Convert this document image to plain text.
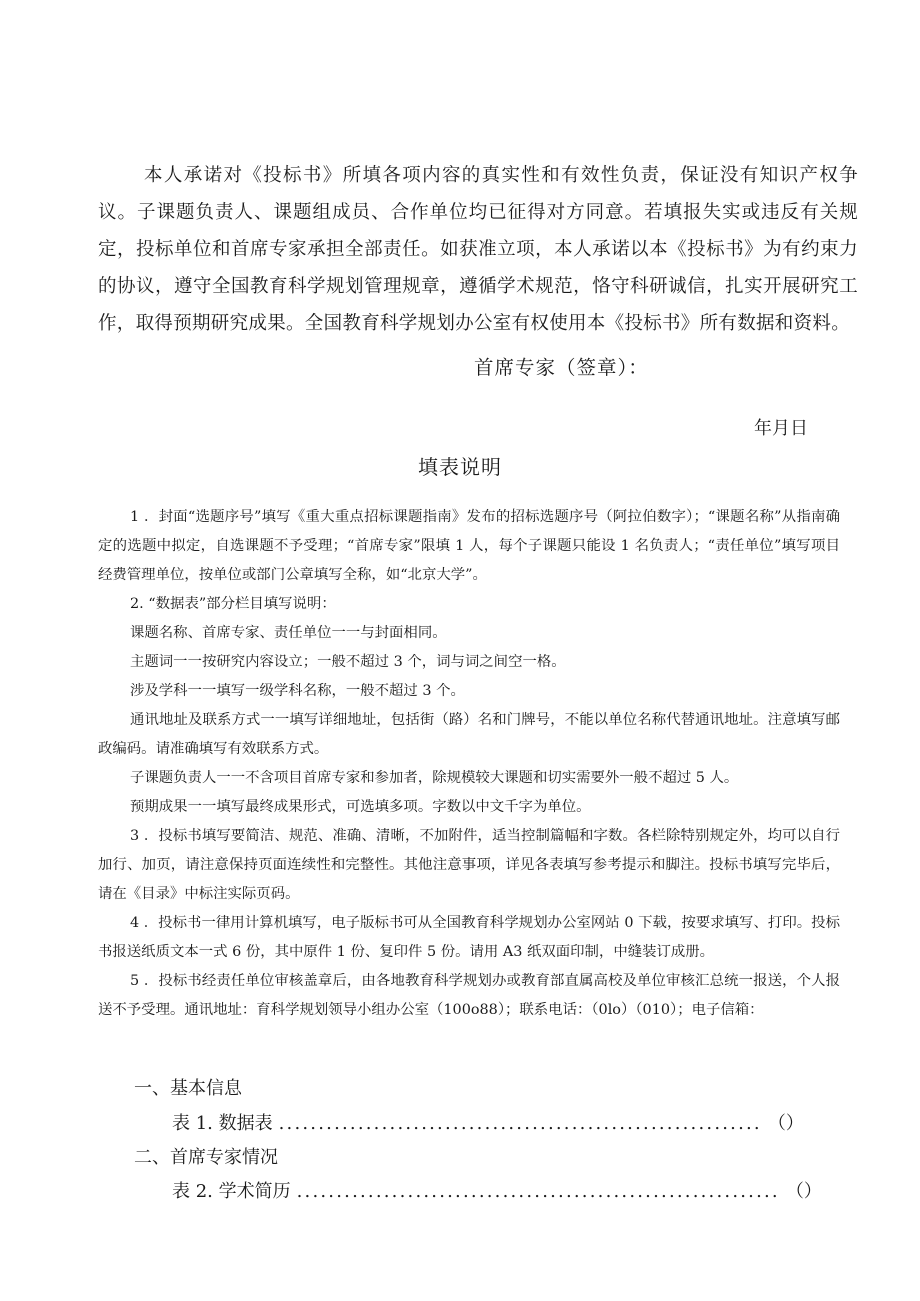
本人承诺对《投标书》所填各项内容的真实性和有效性负责，保证没有知识产权争议。子课题负责人、课题组成员、合作单位均已征得对方同意。若填报失实或违反有关规定，投标单位和首席专家承担全部责任。如获准立项，本人承诺以本《投标书》为有约束力的协议，遵守全国教育科学规划管理规章，遵循学术规范，恪守科研诚信，扎实开展研究工作，取得预期研究成果。全国教育科学规划办公室有权使用本《投标书》所有数据和资料。

首席专家（签章）：
年月日
填表说明

1 ．封面“选题序号”填写《重大重点招标课题指南》发布的招标选题序号（阿拉伯数字）；“课题名称”从指南确定的选题中拟定，自选课题不予受理；“首席专家”限填 1 人，每个子课题只能设 1 名负责人；“责任单位”填写项目经费管理单位，按单位或部门公章填写全称，如“北京大学”。

2. “数据表”部分栏目填写说明：

课题名称、首席专家、责任单位一一与封面相同。

主题词一一按研究内容设立；一般不超过 3 个，词与词之间空一格。

涉及学科一一填写一级学科名称，一般不超过 3 个。

通讯地址及联系方式一一填写详细地址，包括街（路）名和门牌号，不能以单位名称代替通讯地址。注意填写邮政编码。请准确填写有效联系方式。

子课题负责人一一不含项目首席专家和参加者，除规模较大课题和切实需要外一般不超过 5 人。

预期成果一一填写最终成果形式，可选填多项。字数以中文千字为单位。

3 ．投标书填写要简洁、规范、准确、清晰，不加附件，适当控制篇幅和字数。各栏除特别规定外，均可以自行加行、加页，请注意保持页面连续性和完整性。其他注意事项，详见各表填写参考提示和脚注。投标书填写完毕后，请在《目录》中标注实际页码。

4 ．投标书一律用计算机填写，电子版标书可从全国教育科学规划办公室网站 0 下载，按要求填写、打印。投标书报送纸质文本一式 6 份，其中原件 1 份、复印件 5 份。请用 A3 纸双面印制，中缝装订成册。

5 ．投标书经责任单位审核盖章后，由各地教育科学规划办或教育部直属高校及单位审核汇总统一报送，个人报送不予受理。通讯地址：育科学规划领导小组办公室（100o88）；联系电话：（0lo）（010）；电子信箱：

一、基本信息
表 1. 数据表 ............................................................. （）
二、首席专家情况
表 2. 学术简历 ............................................................. （）
